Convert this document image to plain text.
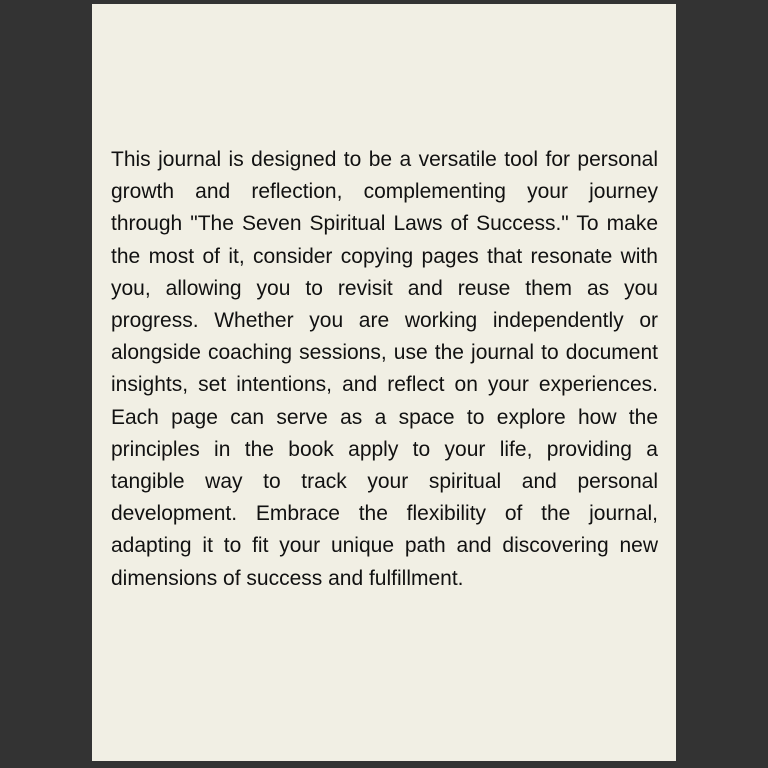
This journal is designed to be a versatile tool for personal growth and reflection, complementing your journey through "The Seven Spiritual Laws of Success." To make the most of it, consider copying pages that resonate with you, allowing you to revisit and reuse them as you progress. Whether you are working independently or alongside coaching sessions, use the journal to document insights, set intentions, and reflect on your experiences. Each page can serve as a space to explore how the principles in the book apply to your life, providing a tangible way to track your spiritual and personal development. Embrace the flexibility of the journal, adapting it to fit your unique path and discovering new dimensions of success and fulfillment.
